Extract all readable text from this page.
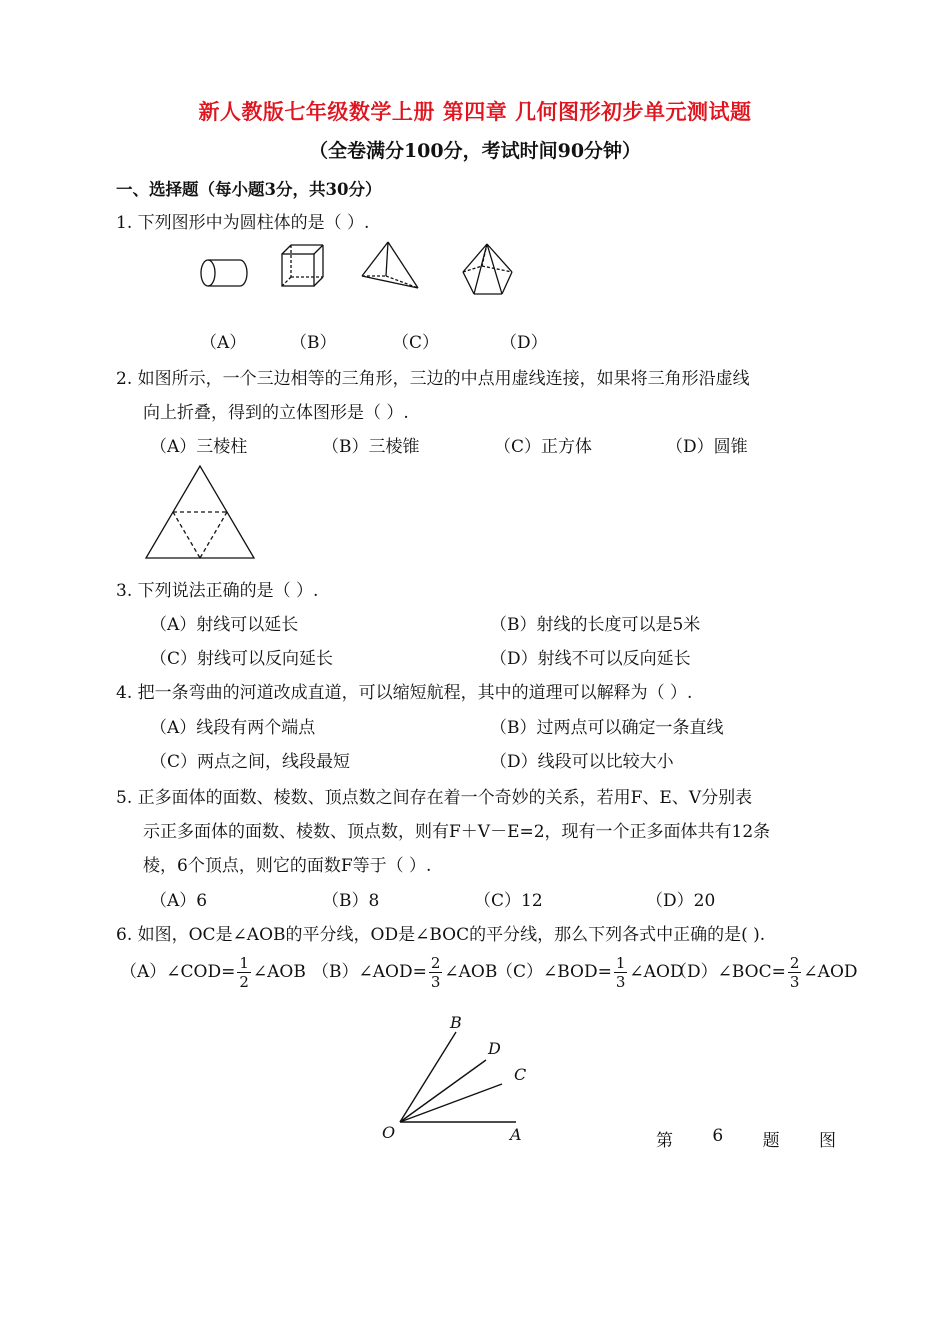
新人教版七年级数学上册 第四章 几何图形初步单元测试题
（全卷满分100分，考试时间90分钟）
一、选择题（每小题3分，共30分）
1. 下列图形中为圆柱体的是（ ）.
（A）	（B）	（C）	（D）
2. 如图所示，一个三边相等的三角形，三边的中点用虚线连接，如果将三角形沿虚线
向上折叠，得到的立体图形是（ ）.
（A）三棱柱	（B）三棱锥	（C）正方体	（D）圆锥
3. 下列说法正确的是（ ）.
（A）射线可以延长	（B）射线的长度可以是5米
（C）射线可以反向延长	（D）射线不可以反向延长
4. 把一条弯曲的河道改成直道，可以缩短航程，其中的道理可以解释为（ ）.
（A）线段有两个端点	（B）过两点可以确定一条直线
（C）两点之间，线段最短	（D）线段可以比较大小
5. 正多面体的面数、棱数、顶点数之间存在着一个奇妙的关系，若用F、E、V分别表
示正多面体的面数、棱数、顶点数，则有F＋V－E=2，现有一个正多面体共有12条
棱，6个顶点，则它的面数F等于（ ）.
（A）6	（B）8	（C）12	（D）20
6. 如图，OC是∠AOB的平分线，OD是∠BOC的平分线，那么下列各式中正确的是( ).
（A）∠COD= $\frac{1}{2}$ ∠AOB （B）∠AOD= $\frac{2}{3}$ ∠AOB
（C）∠BOD= $\frac{1}{3}$ ∠AOD
（D）∠BOC= $\frac{2}{3}$ ∠AOD
B
D
C
O	A	第 6 题 图
